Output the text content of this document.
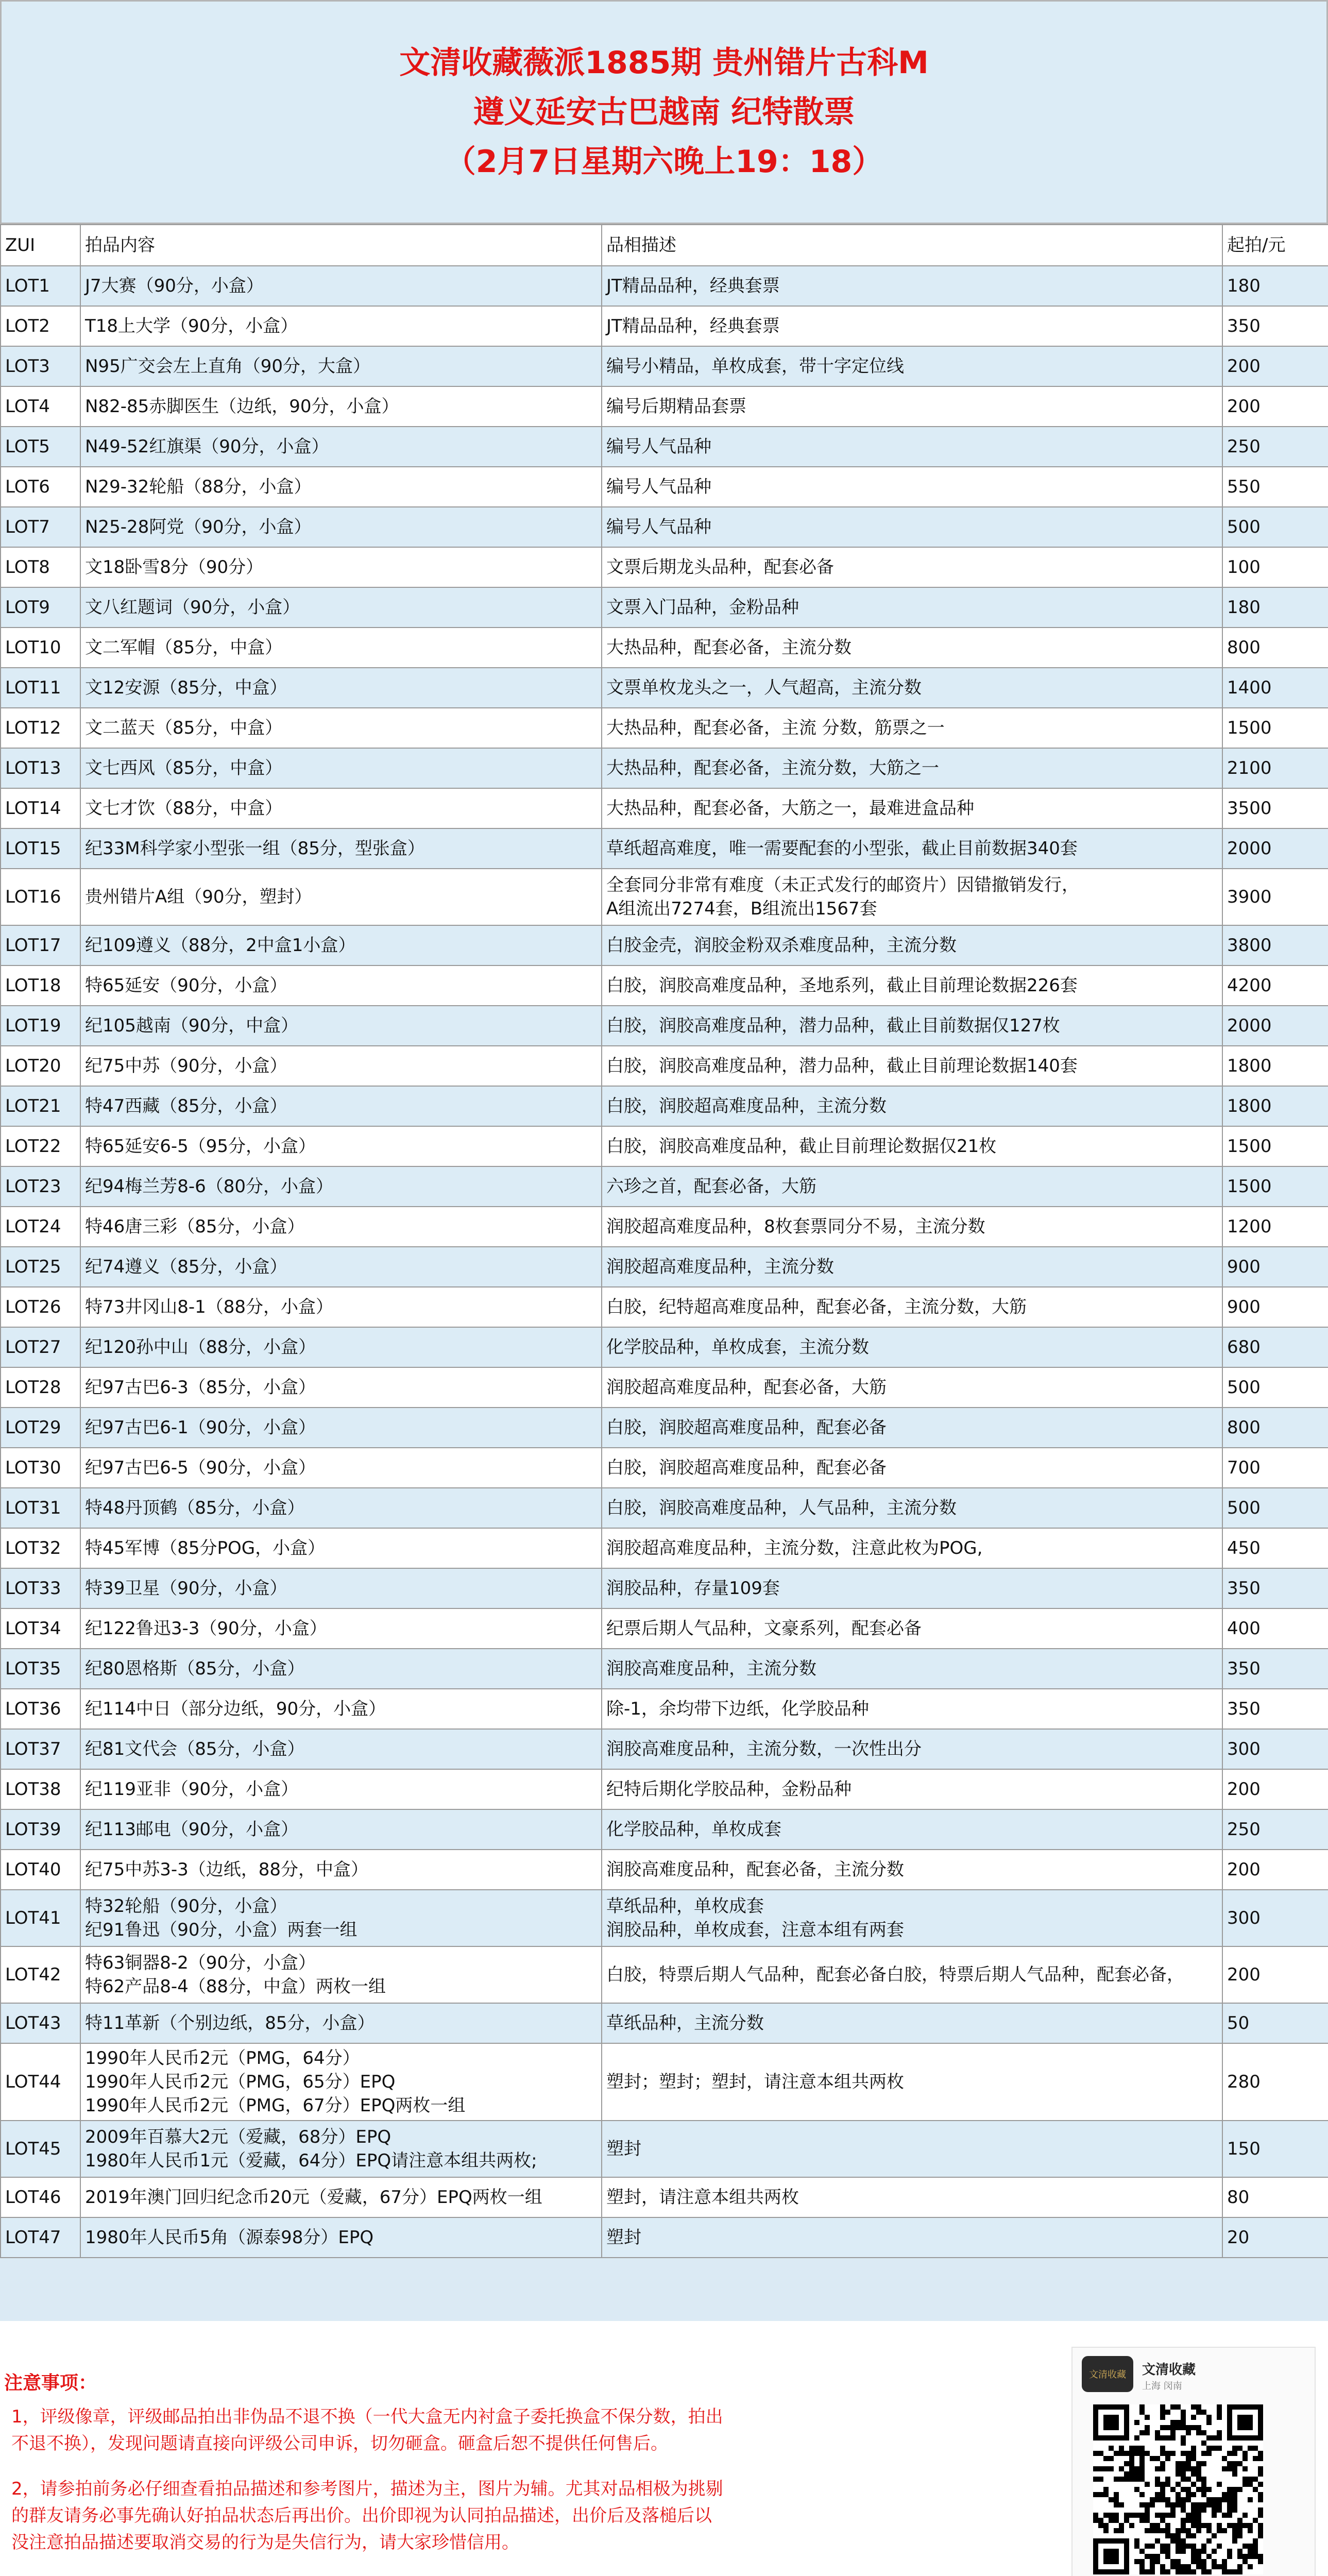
文清收藏薇派1885期 贵州错片古科M
遵义延安古巴越南 纪特散票
（2月7日星期六晚上19：18）
ZUI	拍品内容	品相描述	起拍/元
LOT1	J7大赛（90分，小盒）	JT精品品种，经典套票	180
LOT2	T18上大学（90分，小盒）	JT精品品种，经典套票	350
LOT3	N95广交会左上直角（90分，大盒）	编号小精品，单枚成套，带十字定位线	200
LOT4	N82-85赤脚医生（边纸，90分，小盒）	编号后期精品套票	200
LOT5	N49-52红旗渠（90分，小盒）	编号人气品种	250
LOT6	N29-32轮船（88分，小盒）	编号人气品种	550
LOT7	N25-28阿党（90分，小盒）	编号人气品种	500
LOT8	文18卧雪8分（90分）	文票后期龙头品种，配套必备	100
LOT9	文八红题词（90分，小盒）	文票入门品种，金粉品种	180
LOT10	文二军帽（85分，中盒）	大热品种，配套必备，主流分数	800
LOT11	文12安源（85分，中盒）	文票单枚龙头之一，人气超高，主流分数	1400
LOT12	文二蓝天（85分，中盒）	大热品种，配套必备，主流 分数，筋票之一	1500
LOT13	文七西风（85分，中盒）	大热品种，配套必备，主流分数，大筋之一	2100
LOT14	文七才饮（88分，中盒）	大热品种，配套必备，大筋之一，最难进盒品种	3500
LOT15	纪33M科学家小型张一组（85分，型张盒）	草纸超高难度，唯一需要配套的小型张，截止目前数据340套	2000
LOT16	贵州错片A组（90分，塑封）	全套同分非常有难度（未正式发行的邮资片）因错撤销发行，
A组流出7274套，B组流出1567套	3900
LOT17	纪109遵义（88分，2中盒1小盒）	白胶金壳，润胶金粉双杀难度品种，主流分数	3800
LOT18	特65延安（90分，小盒）	白胶，润胶高难度品种，圣地系列，截止目前理论数据226套	4200
LOT19	纪105越南（90分，中盒）	白胶，润胶高难度品种，潜力品种，截止目前数据仅127枚	2000
LOT20	纪75中苏（90分，小盒）	白胶，润胶高难度品种，潜力品种，截止目前理论数据140套	1800
LOT21	特47西藏（85分，小盒）	白胶，润胶超高难度品种，主流分数	1800
LOT22	特65延安6-5（95分，小盒）	白胶，润胶高难度品种，截止目前理论数据仅21枚	1500
LOT23	纪94梅兰芳8-6（80分，小盒）	六珍之首，配套必备，大筋	1500
LOT24	特46唐三彩（85分，小盒）	润胶超高难度品种，8枚套票同分不易，主流分数	1200
LOT25	纪74遵义（85分，小盒）	润胶超高难度品种，主流分数	900
LOT26	特73井冈山8-1（88分，小盒）	白胶，纪特超高难度品种，配套必备，主流分数，大筋	900
LOT27	纪120孙中山（88分，小盒）	化学胶品种，单枚成套，主流分数	680
LOT28	纪97古巴6-3（85分，小盒）	润胶超高难度品种，配套必备，大筋	500
LOT29	纪97古巴6-1（90分，小盒）	白胶，润胶超高难度品种，配套必备	800
LOT30	纪97古巴6-5（90分，小盒）	白胶，润胶超高难度品种，配套必备	700
LOT31	特48丹顶鹤（85分，小盒）	白胶，润胶高难度品种，人气品种，主流分数	500
LOT32	特45军博（85分POG，小盒）	润胶超高难度品种，主流分数，注意此枚为POG,	450
LOT33	特39卫星（90分，小盒）	润胶品种，存量109套	350
LOT34	纪122鲁迅3-3（90分，小盒）	纪票后期人气品种，文豪系列，配套必备	400
LOT35	纪80恩格斯（85分，小盒）	润胶高难度品种，主流分数	350
LOT36	纪114中日（部分边纸，90分，小盒）	除-1，余均带下边纸，化学胶品种	350
LOT37	纪81文代会（85分，小盒）	润胶高难度品种，主流分数，一次性出分	300
LOT38	纪119亚非（90分，小盒）	纪特后期化学胶品种，金粉品种	200
LOT39	纪113邮电（90分，小盒）	化学胶品种，单枚成套	250
LOT40	纪75中苏3-3（边纸，88分，中盒）	润胶高难度品种，配套必备，主流分数	200
LOT41	特32轮船（90分，小盒）
纪91鲁迅（90分，小盒）两套一组	草纸品种，单枚成套
润胶品种，单枚成套，注意本组有两套	300
LOT42	特63铜器8-2（90分，小盒）
特62产品8-4（88分，中盒）两枚一组	白胶，特票后期人气品种，配套必备白胶，特票后期人气品种，配套必备，	200
LOT43	特11革新（个别边纸，85分，小盒）	草纸品种，主流分数	50
LOT44	1990年人民币2元（PMG，64分）
1990年人民币2元（PMG，65分）EPQ
1990年人民币2元（PMG，67分）EPQ两枚一组	塑封；塑封；塑封，请注意本组共两枚	280
LOT45	2009年百慕大2元（爱藏，68分）EPQ
1980年人民币1元（爱藏，64分）EPQ请注意本组共两枚;	塑封	150
LOT46	2019年澳门回归纪念币20元（爱藏，67分）EPQ两枚一组	塑封，请注意本组共两枚	80
LOT47	1980年人民币5角（源泰98分）EPQ	塑封	20
注意事项：
1，评级像章，评级邮品拍出非伪品不退不换（一代大盒无内衬盒子委托换盒不保分数，拍出
不退不换），发现问题请直接向评级公司申诉，切勿砸盒。砸盒后恕不提供任何售后。
2，请参拍前务必仔细查看拍品描述和参考图片，描述为主，图片为辅。尤其对品相极为挑剔
的群友请务必事先确认好拍品状态后再出价。出价即视为认同拍品描述，出价后及落槌后以
没注意拍品描述要取消交易的行为是失信行为，请大家珍惜信用。
文清收藏	文清收藏
上海 闵南
